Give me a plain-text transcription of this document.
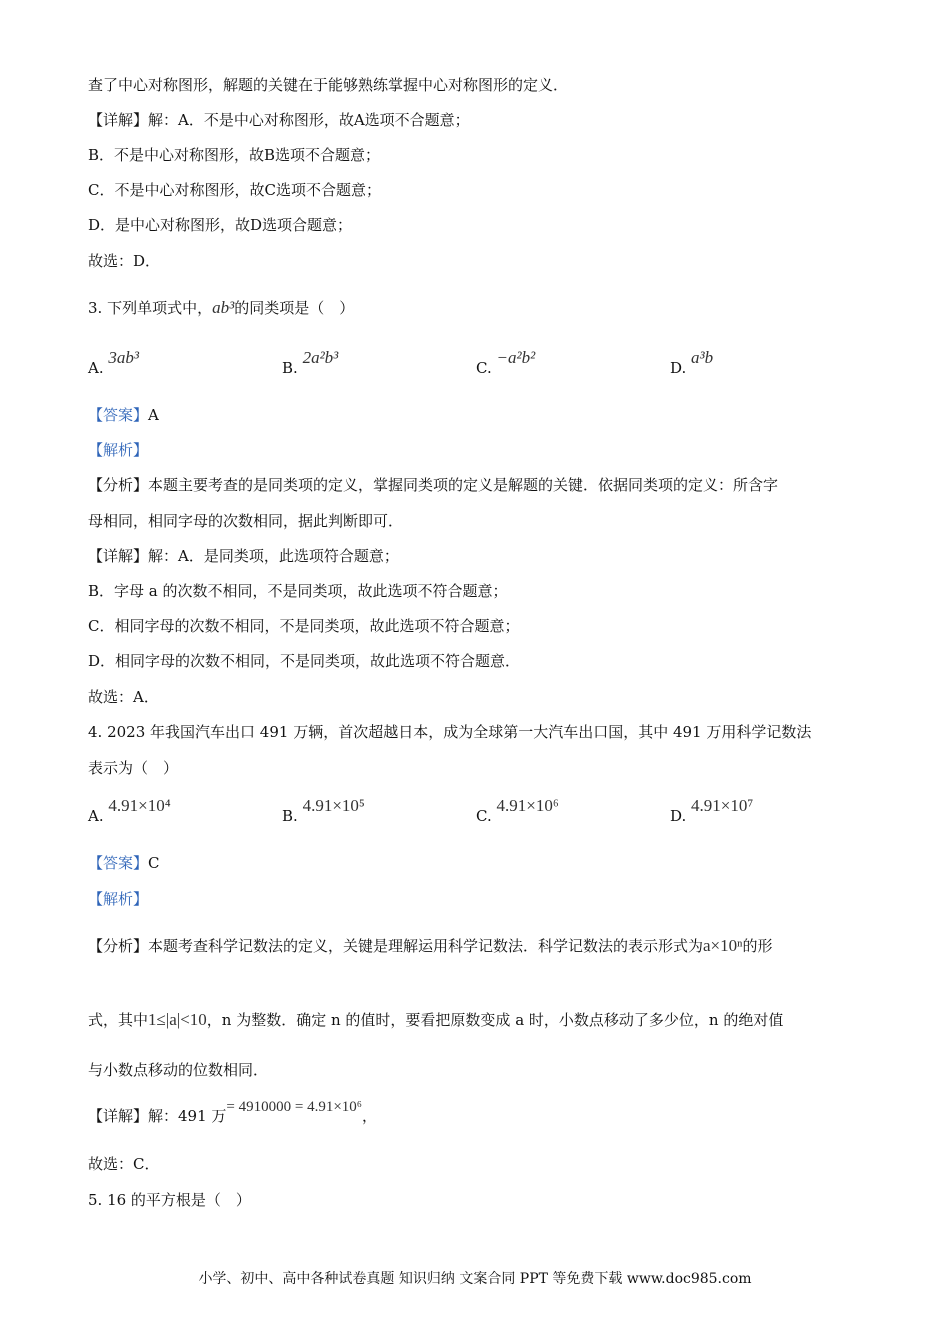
查了中心对称图形，解题的关键在于能够熟练掌握中心对称图形的定义．
【详解】解：A．不是中心对称图形，故A选项不合题意；
B．不是中心对称图形，故B选项不合题意；
C．不是中心对称图形，故C选项不合题意；
D．是中心对称图形，故D选项合题意；
故选：D．
3. 下列单项式中，ab³的同类项是（　）
A. 3ab³
B. 2a²b³
C. −a²b²
D. a³b
【答案】A
【解析】
【分析】本题主要考查的是同类项的定义，掌握同类项的定义是解题的关键．依据同类项的定义：所含字
母相同，相同字母的次数相同，据此判断即可．
【详解】解：A．是同类项，此选项符合题意；
B．字母 a 的次数不相同，不是同类项，故此选项不符合题意；
C．相同字母的次数不相同，不是同类项，故此选项不符合题意；
D．相同字母的次数不相同，不是同类项，故此选项不符合题意．
故选：A．
4. 2023 年我国汽车出口 491 万辆，首次超越日本，成为全球第一大汽车出口国，其中 491 万用科学记数法
表示为（　）
A. 4.91×10⁴
B. 4.91×10⁵
C. 4.91×10⁶
D. 4.91×10⁷
【答案】C
【解析】
【分析】本题考查科学记数法的定义，关键是理解运用科学记数法．科学记数法的表示形式为a×10ⁿ的形
式，其中1≤|a|<10，n 为整数．确定 n 的值时，要看把原数变成 a 时，小数点移动了多少位，n 的绝对值
与小数点移动的位数相同．
【详解】解：491 万= 4910000 = 4.91×10⁶，
故选：C．
5. 16 的平方根是（　）
小学、初中、高中各种试卷真题 知识归纳 文案合同 PPT 等免费下载 www.doc985.com
